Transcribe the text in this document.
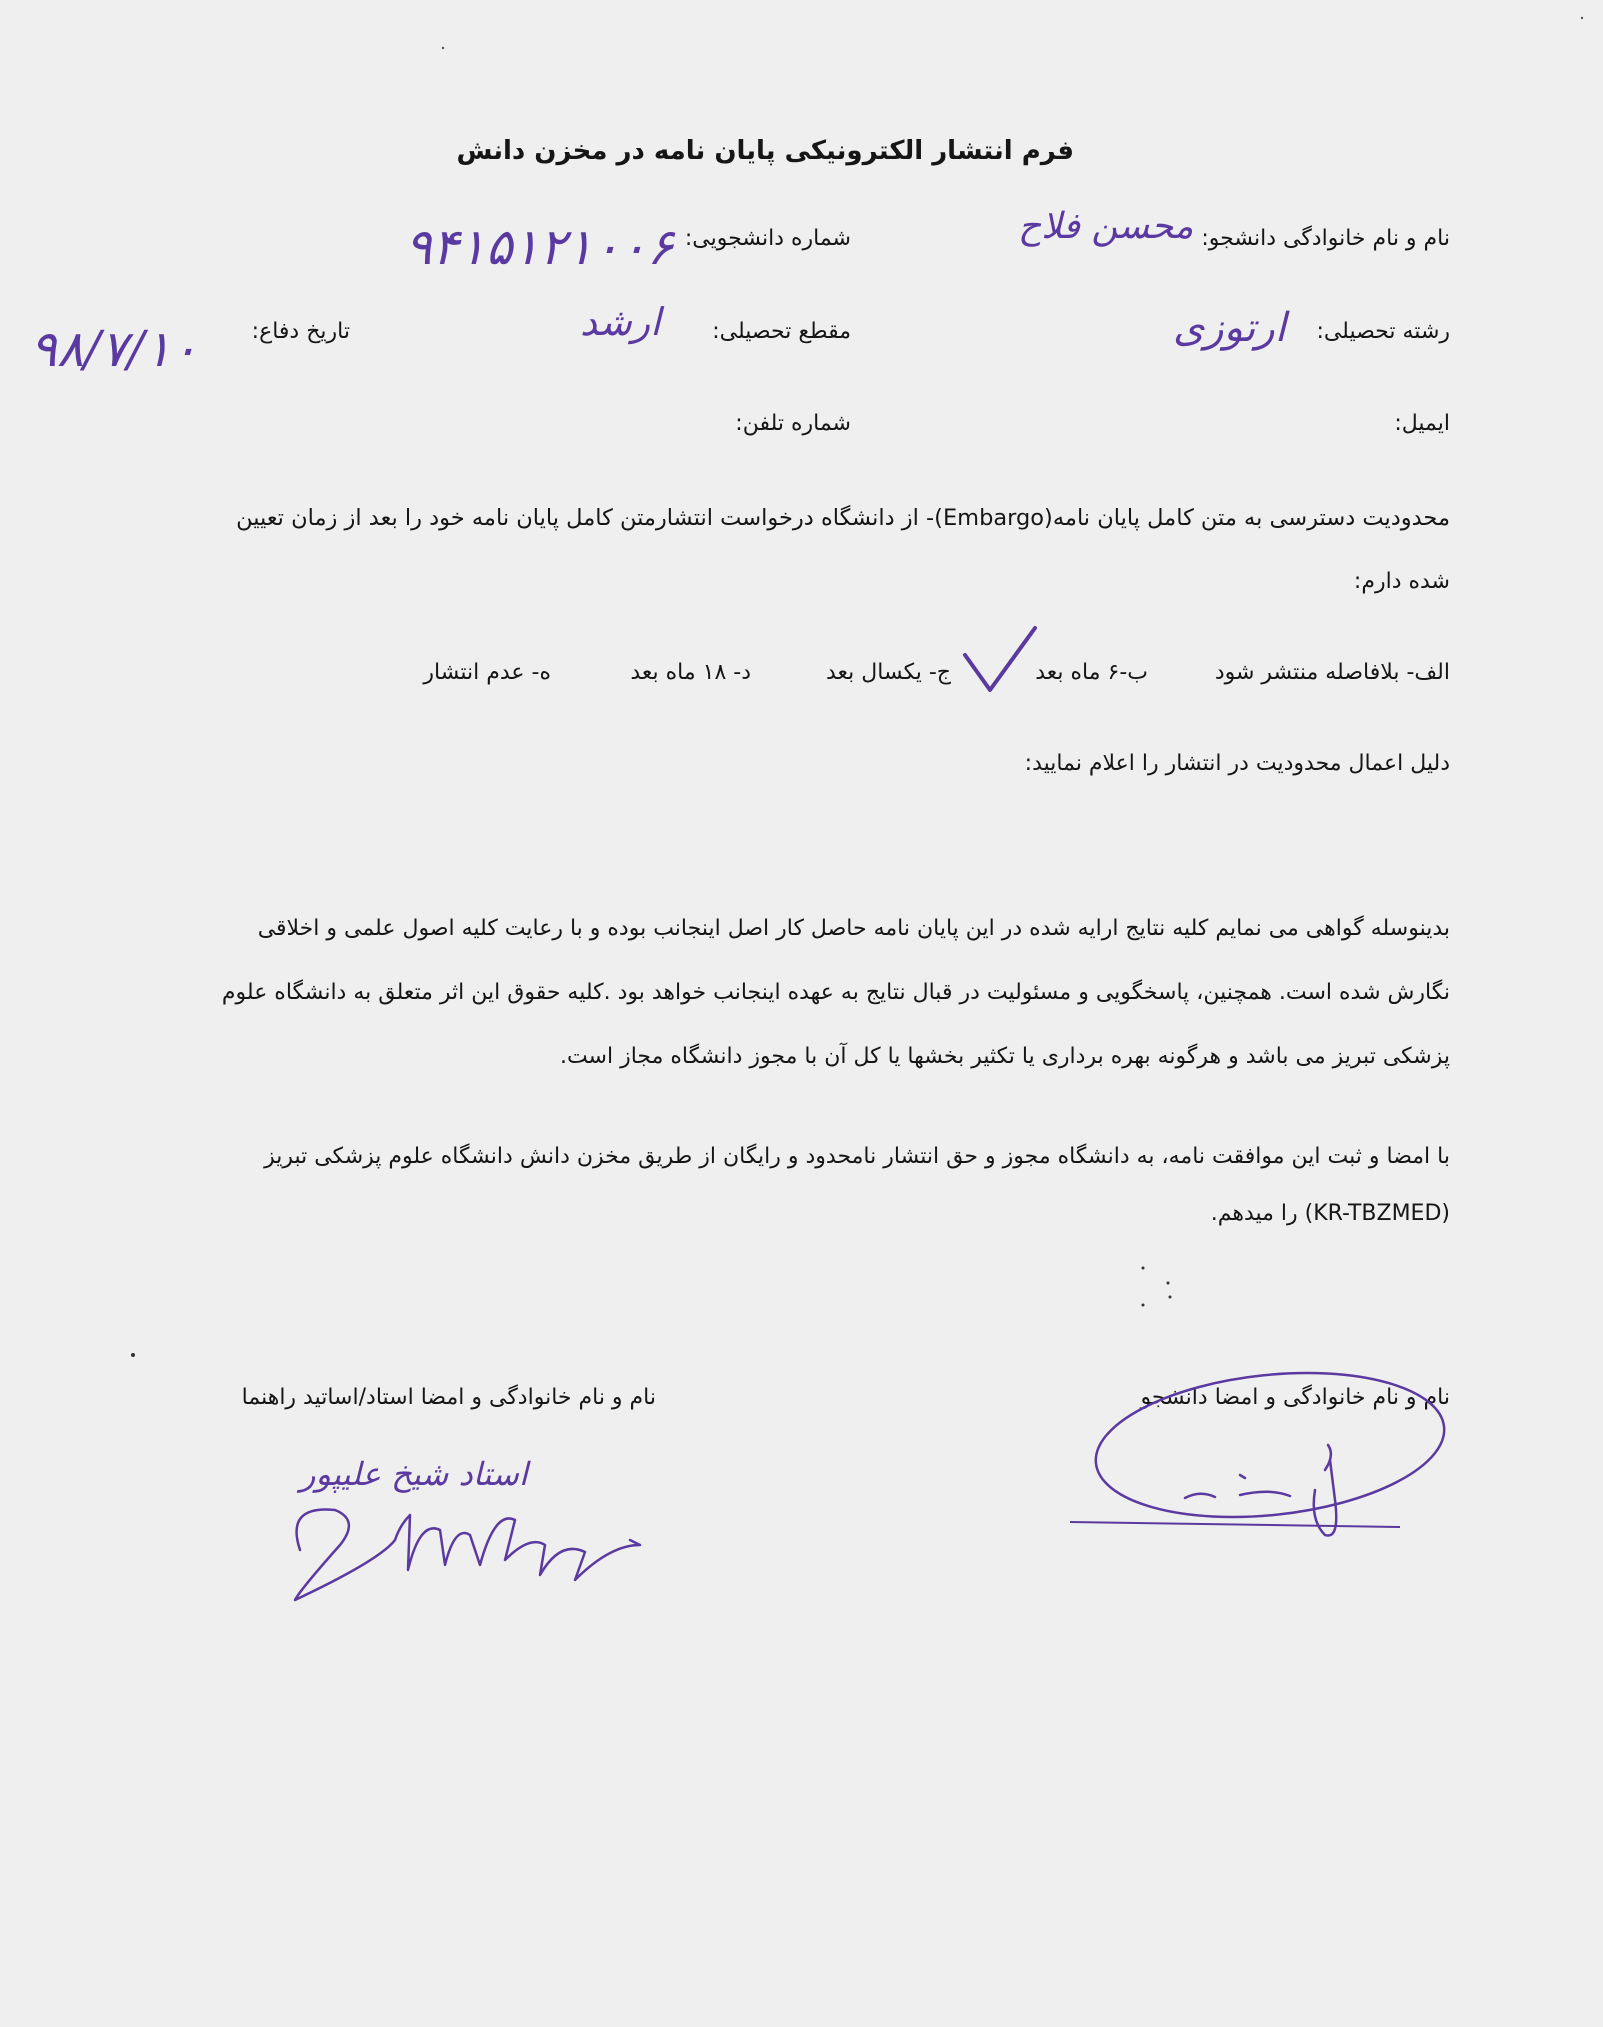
فرم انتشار الکترونیکی پایان نامه در مخزن دانش
نام و نام خانوادگی دانشجو:
محسن فلاح
شماره دانشجویی:
۹۴۱۵۱۲۱۰۰۶
رشته تحصیلی:
ارتوزی
مقطع تحصیلی:
ارشد
تاریخ دفاع:
۹۸/۷/۱۰
ایمیل:
شماره تلفن:
محدودیت دسترسی به متن کامل پایان نامه(Embargo)- از دانشگاه درخواست انتشارمتن کامل پایان نامه خود را بعد از زمان تعیین
شده دارم:
الف- بلافاصله منتشر شود
ب-۶ ماه بعد
ج- یکسال بعد
د- ۱۸ ماه بعد
ه- عدم انتشار
دلیل اعمال محدودیت در انتشار را اعلام نمایید:
بدینوسله گواهی می نمایم کلیه نتایج ارایه شده در این پایان نامه حاصل کار اصل اینجانب بوده و با رعایت کلیه اصول علمی و اخلاقی
نگارش شده است. همچنین، پاسخگویی و مسئولیت در قبال نتایج به عهده اینجانب خواهد بود .کلیه حقوق این اثر متعلق به دانشگاه علوم
پزشکی تبریز می باشد و هرگونه بهره برداری یا تکثیر بخشها یا کل آن با مجوز دانشگاه مجاز است.
با امضا و ثبت این موافقت نامه، به دانشگاه مجوز و حق انتشار نامحدود و رایگان از طریق مخزن دانش دانشگاه علوم پزشکی تبریز
(KR-TBZMED) را میدهم.
نام و نام خانوادگی و امضا دانشجو
نام و نام خانوادگی و امضا استاد/اساتید راهنما
استاد شیخ علیپور
